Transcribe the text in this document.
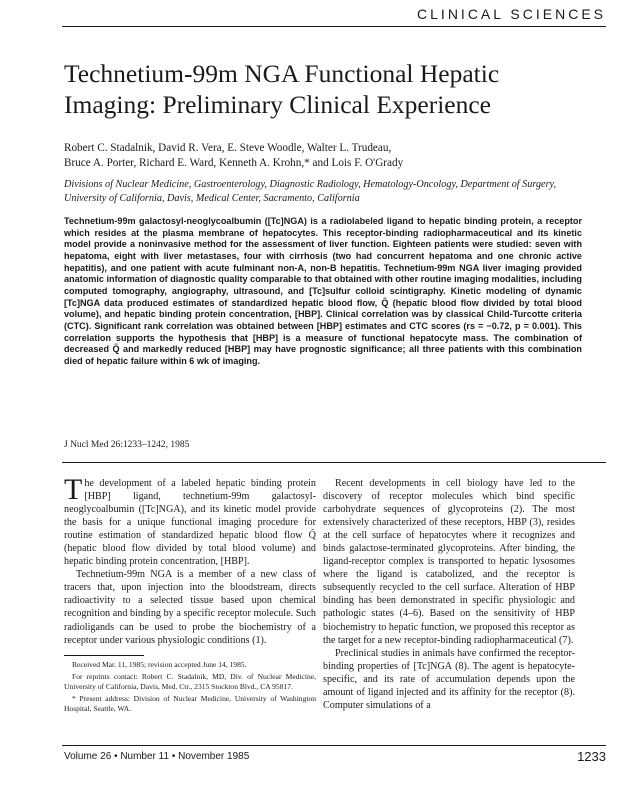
CLINICAL SCIENCES
Technetium-99m NGA Functional Hepatic Imaging: Preliminary Clinical Experience
Robert C. Stadalnik, David R. Vera, E. Steve Woodle, Walter L. Trudeau,
Bruce A. Porter, Richard E. Ward, Kenneth A. Krohn,* and Lois F. O'Grady
Divisions of Nuclear Medicine, Gastroenterology, Diagnostic Radiology, Hematology-Oncology, Department of Surgery, University of California, Davis, Medical Center, Sacramento, California
Technetium-99m galactosyl-neoglycoalbumin ([Tc]NGA) is a radiolabeled ligand to hepatic binding protein, a receptor which resides at the plasma membrane of hepatocytes. This receptor-binding radiopharmaceutical and its kinetic model provide a noninvasive method for the assessment of liver function. Eighteen patients were studied: seven with hepatoma, eight with liver metastases, four with cirrhosis (two had concurrent hepatoma and one chronic active hepatitis), and one patient with acute fulminant non-A, non-B hepatitis. Technetium-99m NGA liver imaging provided anatomic information of diagnostic quality comparable to that obtained with other routine imaging modalities, including computed tomography, angiography, ultrasound, and [Tc]sulfur colloid scintigraphy. Kinetic modeling of dynamic [Tc]NGA data produced estimates of standardized hepatic blood flow, Q̃ (hepatic blood flow divided by total blood volume), and hepatic binding protein concentration, [HBP]. Clinical correlation was by classical Child-Turcotte criteria (CTC). Significant rank correlation was obtained between [HBP] estimates and CTC scores (rs = −0.72, p = 0.001). This correlation supports the hypothesis that [HBP] is a measure of functional hepatocyte mass. The combination of decreased Q̃ and markedly reduced [HBP] may have prognostic significance; all three patients with this combination died of hepatic failure within 6 wk of imaging.
J Nucl Med 26:1233–1242, 1985

The development of a labeled hepatic binding protein [HBP] ligand, technetium-99m galactosyl-neoglycoalbumin ([Tc]NGA), and its kinetic model provide the basis for a unique functional imaging procedure for routine estimation of standardized hepatic blood flow Q̃ (hepatic blood flow divided by total blood volume) and hepatic binding protein concentration, [HBP].

Technetium-99m NGA is a member of a new class of tracers that, upon injection into the bloodstream, directs radioactivity to a selected tissue based upon chemical recognition and binding by a specific receptor molecule. Such radioligands can be used to probe the biochemistry of a receptor under various physiologic conditions (1).

Recent developments in cell biology have led to the discovery of receptor molecules which bind specific carbohydrate sequences of glycoproteins (2). The most extensively characterized of these receptors, HBP (3), resides at the cell surface of hepatocytes where it recognizes and binds galactose-terminated glycoproteins. After binding, the ligand-receptor complex is transported to hepatic lysosomes where the ligand is catabolized, and the receptor is subsequently recycled to the cell surface. Alteration of HBP binding has been demonstrated in specific physiologic and pathologic states (4–6). Based on the sensitivity of HBP biochemistry to hepatic function, we proposed this receptor as the target for a new receptor-binding radiopharmaceutical (7).

Preclinical studies in animals have confirmed the receptor-binding properties of [Tc]NGA (8). The agent is hepatocyte-specific, and its rate of accumulation depends upon the amount of ligand injected and its affinity for the receptor (8). Computer simulations of a

Received Mar. 11, 1985; revision accepted June 14, 1985.

For reprints contact: Robert C. Stadalnik, MD, Div. of Nuclear Medicine, University of California, Davis, Med. Ctr., 2315 Stockton Blvd., CA 95817.

* Present address: Division of Nuclear Medicine, University of Washington Hospital, Seattle, WA.

Volume 26 • Number 11 • November 1985	1233
